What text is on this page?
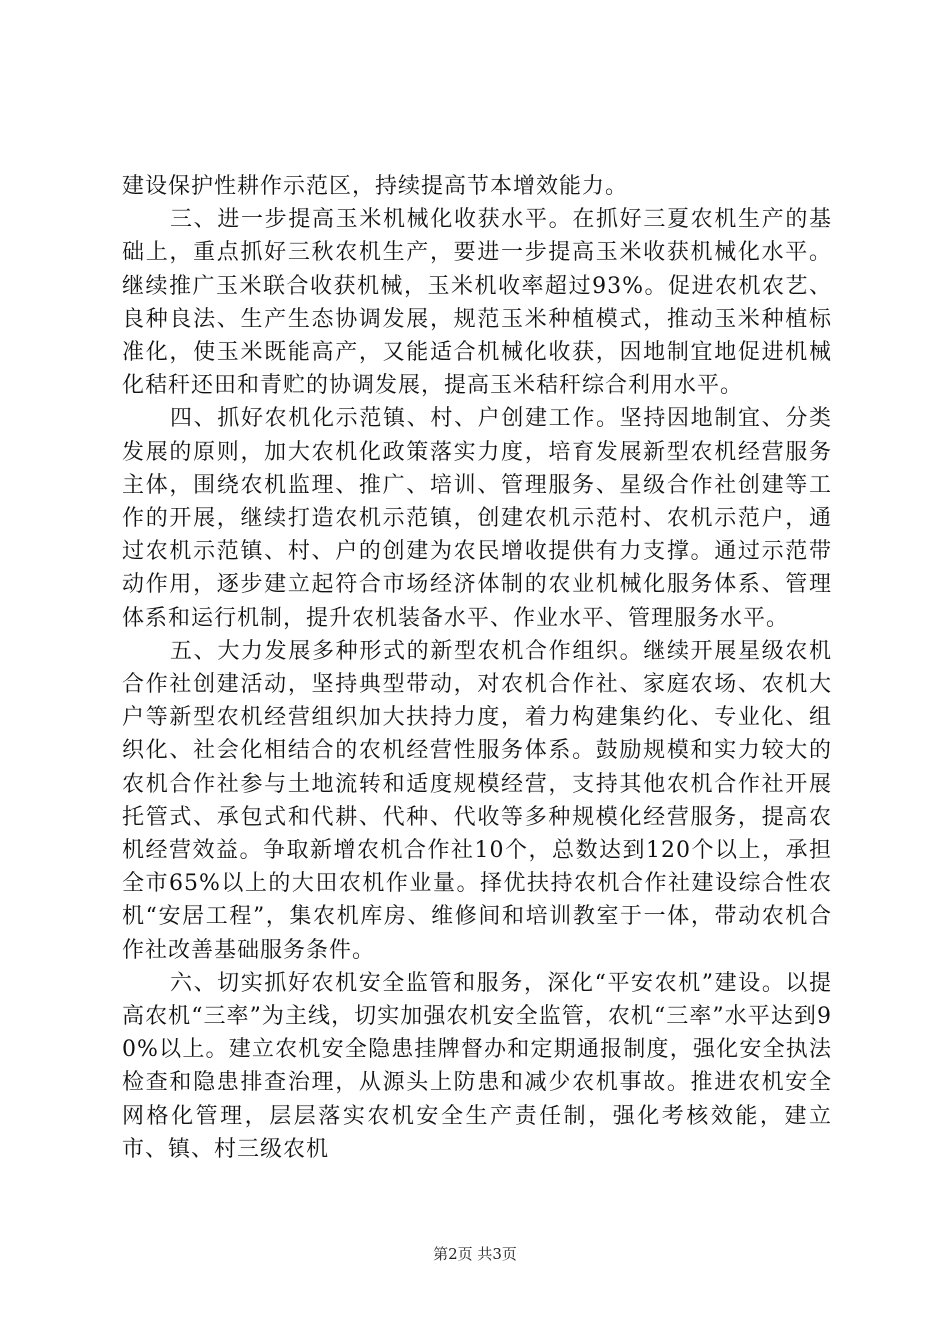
建设保护性耕作示范区，持续提高节本增效能力。

三、进一步提高玉米机械化收获水平。在抓好三夏农机生产的基础上，重点抓好三秋农机生产，要进一步提高玉米收获机械化水平。继续推广玉米联合收获机械，玉米机收率超过93%。促进农机农艺、良种良法、生产生态协调发展，规范玉米种植模式，推动玉米种植标准化，使玉米既能高产，又能适合机械化收获，因地制宜地促进机械化秸秆还田和青贮的协调发展，提高玉米秸秆综合利用水平。

四、抓好农机化示范镇、村、户创建工作。坚持因地制宜、分类发展的原则，加大农机化政策落实力度，培育发展新型农机经营服务主体，围绕农机监理、推广、培训、管理服务、星级合作社创建等工作的开展，继续打造农机示范镇，创建农机示范村、农机示范户，通过农机示范镇、村、户的创建为农民增收提供有力支撑。通过示范带动作用，逐步建立起符合市场经济体制的农业机械化服务体系、管理体系和运行机制，提升农机装备水平、作业水平、管理服务水平。

五、大力发展多种形式的新型农机合作组织。继续开展星级农机合作社创建活动，坚持典型带动，对农机合作社、家庭农场、农机大户等新型农机经营组织加大扶持力度，着力构建集约化、专业化、组织化、社会化相结合的农机经营性服务体系。鼓励规模和实力较大的农机合作社参与土地流转和适度规模经营，支持其他农机合作社开展托管式、承包式和代耕、代种、代收等多种规模化经营服务，提高农机经营效益。争取新增农机合作社10个，总数达到120个以上，承担全市65%以上的大田农机作业量。择优扶持农机合作社建设综合性农机“安居工程”，集农机库房、维修间和培训教室于一体，带动农机合作社改善基础服务条件。

六、切实抓好农机安全监管和服务，深化“平安农机”建设。以提高农机“三率”为主线，切实加强农机安全监管，农机“三率”水平达到90%以上。建立农机安全隐患挂牌督办和定期通报制度，强化安全执法检查和隐患排查治理，从源头上防患和减少农机事故。推进农机安全网格化管理，层层落实农机安全生产责任制，强化考核效能，建立市、镇、村三级农机

第2页 共3页
